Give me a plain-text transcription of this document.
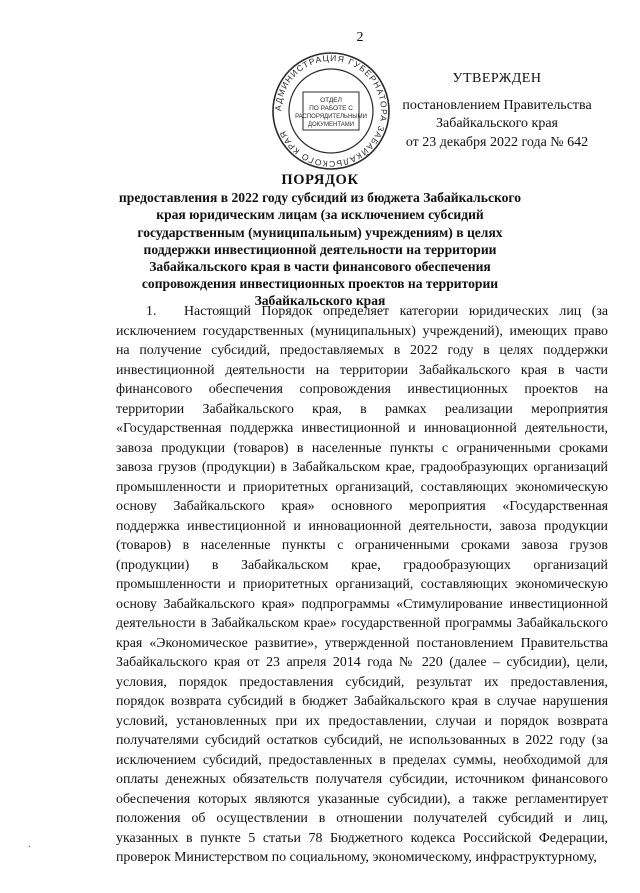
2
АДМИНИСТРАЦИЯ ГУБЕРНАТОРА ЗАБАЙКАЛЬСКОГО КРАЯ
ОТДЕЛ
ПО РАБОТЕ С
РАСПОРЯДИТЕЛЬНЫМИ
ДОКУМЕНТАМИ
УТВЕРЖДЕН
постановлением Правительства
Забайкальского края
от 23 декабря 2022 года № 642
ПОРЯДОК
предоставления в 2022 году субсидий из бюджета Забайкальского края юридическим лицам (за исключением субсидий государственным (муниципальным) учреждениям) в целях поддержки инвестиционной деятельности на территории Забайкальского края в части финансового обеспечения сопровождения инвестиционных проектов на территории Забайкальского края

1. Настоящий Порядок определяет категории юридических лиц (за исключением государственных (муниципальных) учреждений), имеющих право на получение субсидий, предоставляемых в 2022 году в целях поддержки инвестиционной деятельности на территории Забайкальского края в части финансового обеспечения сопровождения инвестиционных проектов на территории Забайкальского края, в рамках реализации мероприятия «Государственная поддержка инвестиционной и инновационной деятельности, завоза продукции (товаров) в населенные пункты с ограниченными сроками завоза грузов (продукции) в Забайкальском крае, градообразующих организаций промышленности и приоритетных организаций, составляющих экономическую основу Забайкальского края» основного мероприятия «Государственная поддержка инвестиционной и инновационной деятельности, завоза продукции (товаров) в населенные пункты с ограниченными сроками завоза грузов (продукции) в Забайкальском крае, градообразующих организаций промышленности и приоритетных организаций, составляющих экономическую основу Забайкальского края» подпрограммы «Стимулирование инвестиционной деятельности в Забайкальском крае» государственной программы Забайкальского края «Экономическое развитие», утвержденной постановлением Правительства Забайкальского края от 23 апреля 2014 года № 220 (далее – субсидии), цели, условия, порядок предоставления субсидий, результат их предоставления, порядок возврата субсидий в бюджет Забайкальского края в случае нарушения условий, установленных при их предоставлении, случаи и порядок возврата получателями субсидий остатков субсидий, не использованных в 2022 году (за исключением субсидий, предоставленных в пределах суммы, необходимой для оплаты денежных обязательств получателя субсидии, источником финансового обеспечения которых являются указанные субсидии), а также регламентирует положения об осуществлении в отношении получателей субсидий и лиц, указанных в пункте 5 статьи 78 Бюджетного кодекса Российской Федерации, проверок Министерством по социальному, экономическому, инфраструктурному,

.
